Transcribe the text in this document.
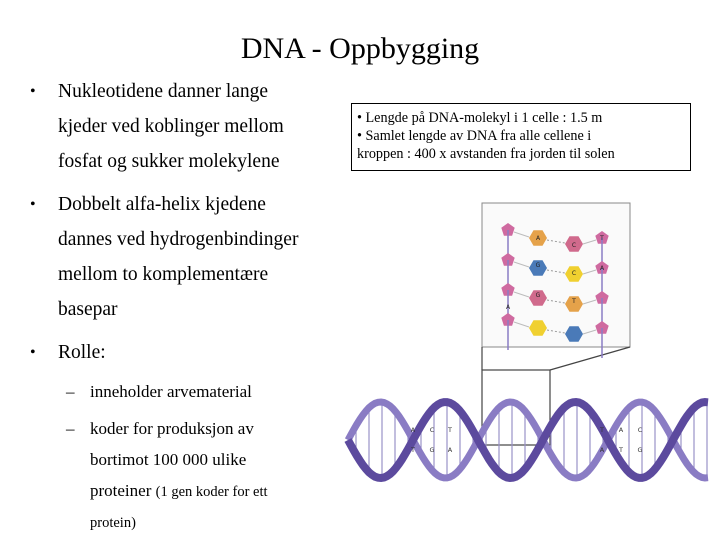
DNA - Oppbygging
• Nukleotidene danner lange
kjeder ved koblinger mellom
fosfat og sukker molekylene
• Dobbelt alfa-helix kjedene
dannes ved hydrogenbindinger
mellom to komplementære
basepar
• Rolle:
– inneholder arvematerial
– koder for produksjon av
bortimot 100 000 ulike
proteiner (1 gen koder for ett
protein)
• Lengde på DNA-molekyl i 1 celle : 1.5 m
• Samlet lengde av DNA fra alle cellene i
kroppen : 400 x avstanden fra jorden til solen
T
G
C
A
A
C
G
T
A
A
T
C
G
T
A
T
A
A
T
C
G
